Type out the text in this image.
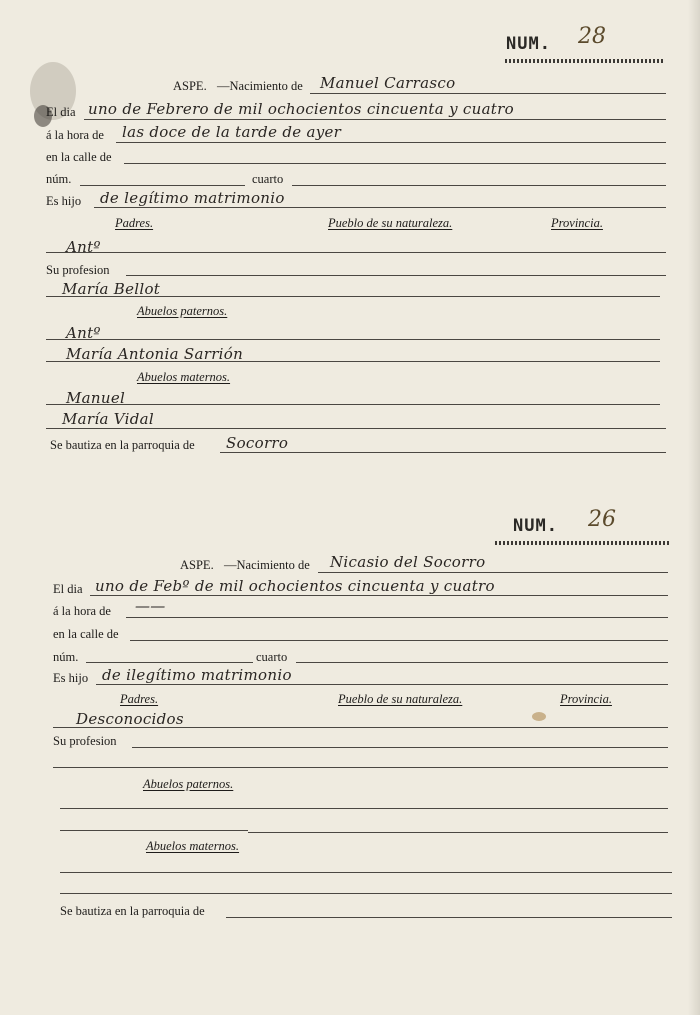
NUM. 28
ASPE. —Nacimiento de Manuel Carrasco
El dia uno de Febrero de mil ochocientos cincuenta y cuatro
á la hora de las doce de la tarde de ayer
en la calle de
núm.	cuarto
Es hijo de legítimo matrimonio
Padres.	Pueblo de su naturaleza.	Provincia.
Antº
Su profesion
María Bellot
Abuelos paternos.
Antº
María Antonia Sarrión
Abuelos maternos.
Manuel
María Vidal
Se bautiza en la parroquia de Socorro
NUM. 26
ASPE. —Nacimiento de Nicasio del Socorro
El dia uno de Febº de mil ochocientos cincuenta y cuatro
á la hora de ——
en la calle de
núm.	cuarto
Es hijo de ilegítimo matrimonio
Padres.	Pueblo de su naturaleza.	Provincia.
Desconocidos
Su profesion
Abuelos paternos.
Abuelos maternos.
Se bautiza en la parroquia de
